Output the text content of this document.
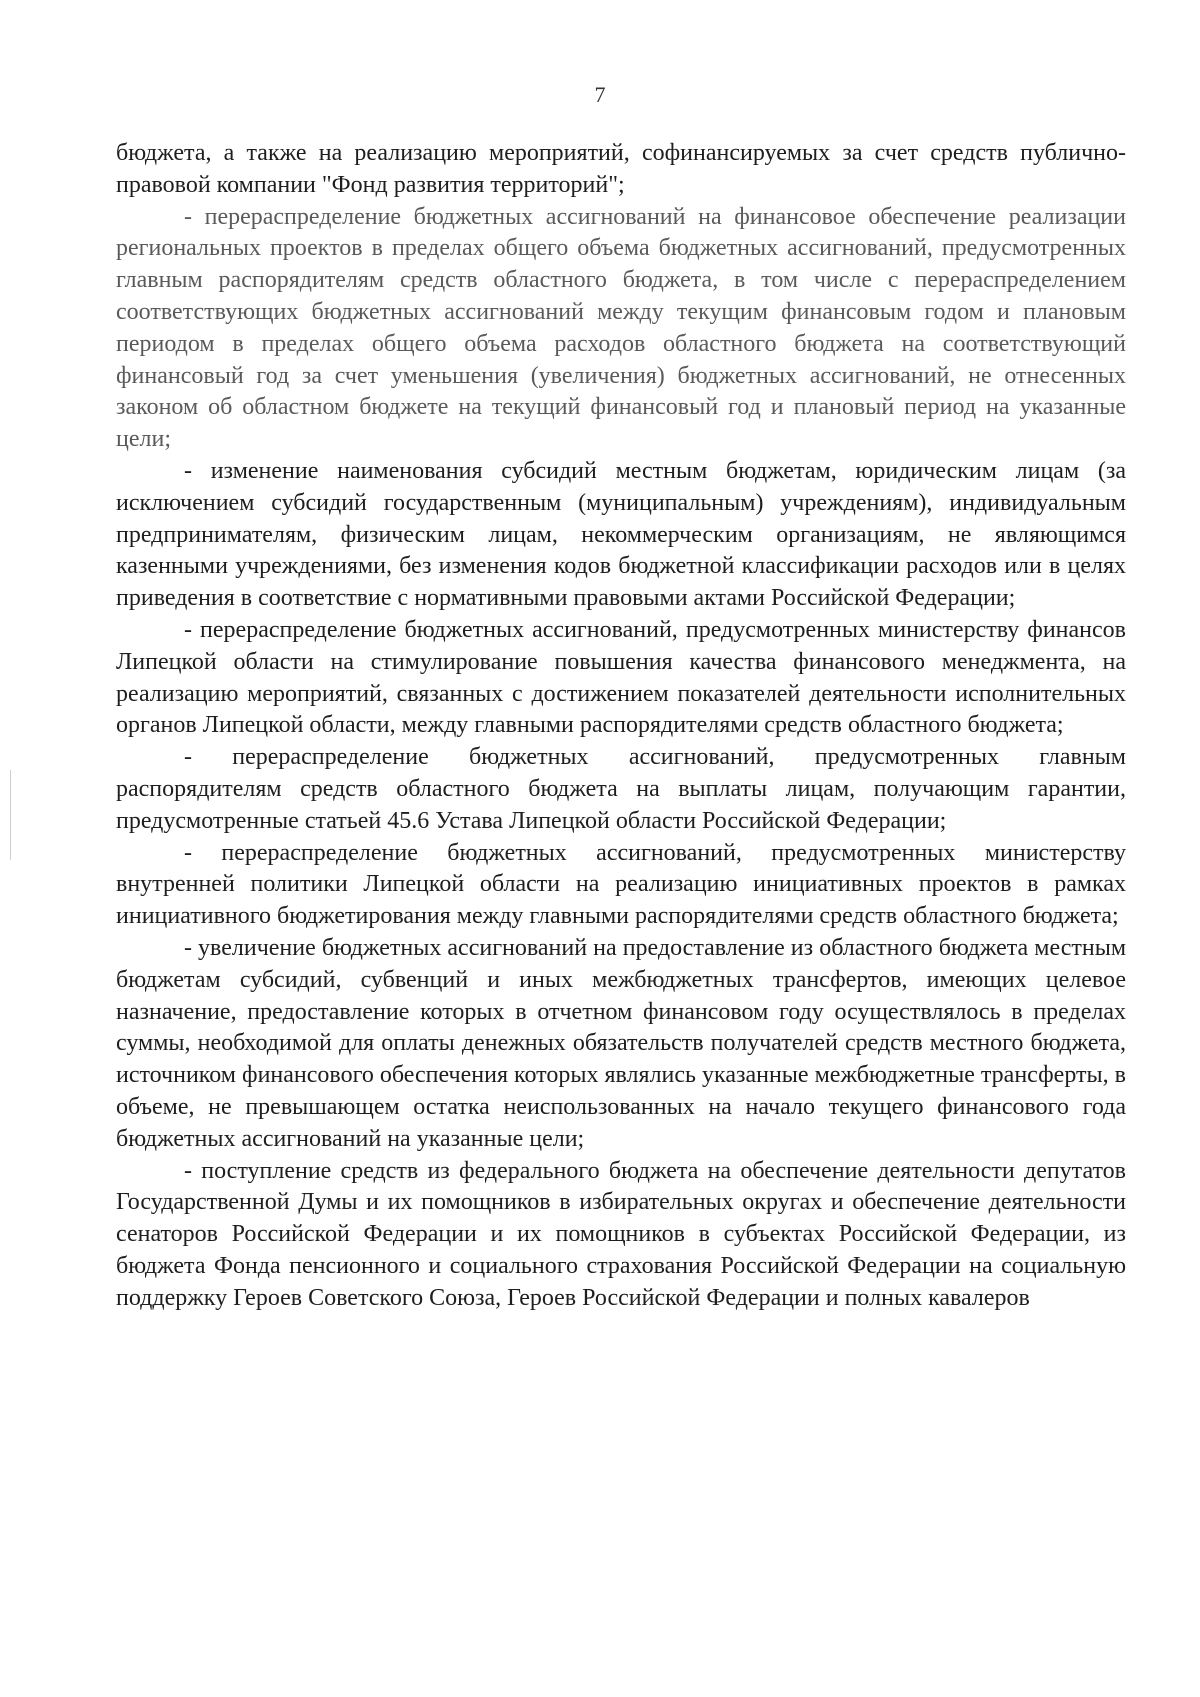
7

бюджета, а также на реализацию мероприятий, софинансируемых за счет средств публично-правовой компании "Фонд развития территорий";

- перераспределение бюджетных ассигнований на финансовое обеспечение реализации региональных проектов в пределах общего объема бюджетных ассигнований, предусмотренных главным распорядителям средств областного бюджета, в том числе с перераспределением соответствующих бюджетных ассигнований между текущим финансовым годом и плановым периодом в пределах общего объема расходов областного бюджета на соответствующий финансовый год за счет уменьшения (увеличения) бюджетных ассигнований, не отнесенных законом об областном бюджете на текущий финансовый год и плановый период на указанные цели;

- изменение наименования субсидий местным бюджетам, юридическим лицам (за исключением субсидий государственным (муниципальным) учреждениям), индивидуальным предпринимателям, физическим лицам, некоммерческим организациям, не являющимся казенными учреждениями, без изменения кодов бюджетной классификации расходов или в целях приведения в соответствие с нормативными правовыми актами Российской Федерации;

- перераспределение бюджетных ассигнований, предусмотренных министерству финансов Липецкой области на стимулирование повышения качества финансового менеджмента, на реализацию мероприятий, связанных с достижением показателей деятельности исполнительных органов Липецкой области, между главными распорядителями средств областного бюджета;

- перераспределение бюджетных ассигнований, предусмотренных главным распорядителям средств областного бюджета на выплаты лицам, получающим гарантии, предусмотренные статьей 45.6 Устава Липецкой области Российской Федерации;

- перераспределение бюджетных ассигнований, предусмотренных министерству внутренней политики Липецкой области на реализацию инициативных проектов в рамках инициативного бюджетирования между главными распорядителями средств областного бюджета;

- увеличение бюджетных ассигнований на предоставление из областного бюджета местным бюджетам субсидий, субвенций и иных межбюджетных трансфертов, имеющих целевое назначение, предоставление которых в отчетном финансовом году осуществлялось в пределах суммы, необходимой для оплаты денежных обязательств получателей средств местного бюджета, источником финансового обеспечения которых являлись указанные межбюджетные трансферты, в объеме, не превышающем остатка неиспользованных на начало текущего финансового года бюджетных ассигнований на указанные цели;

- поступление средств из федерального бюджета на обеспечение деятельности депутатов Государственной Думы и их помощников в избирательных округах и обеспечение деятельности сенаторов Российской Федерации и их помощников в субъектах Российской Федерации, из бюджета Фонда пенсионного и социального страхования Российской Федерации на социальную поддержку Героев Советского Союза, Героев Российской Федерации и полных кавалеров
